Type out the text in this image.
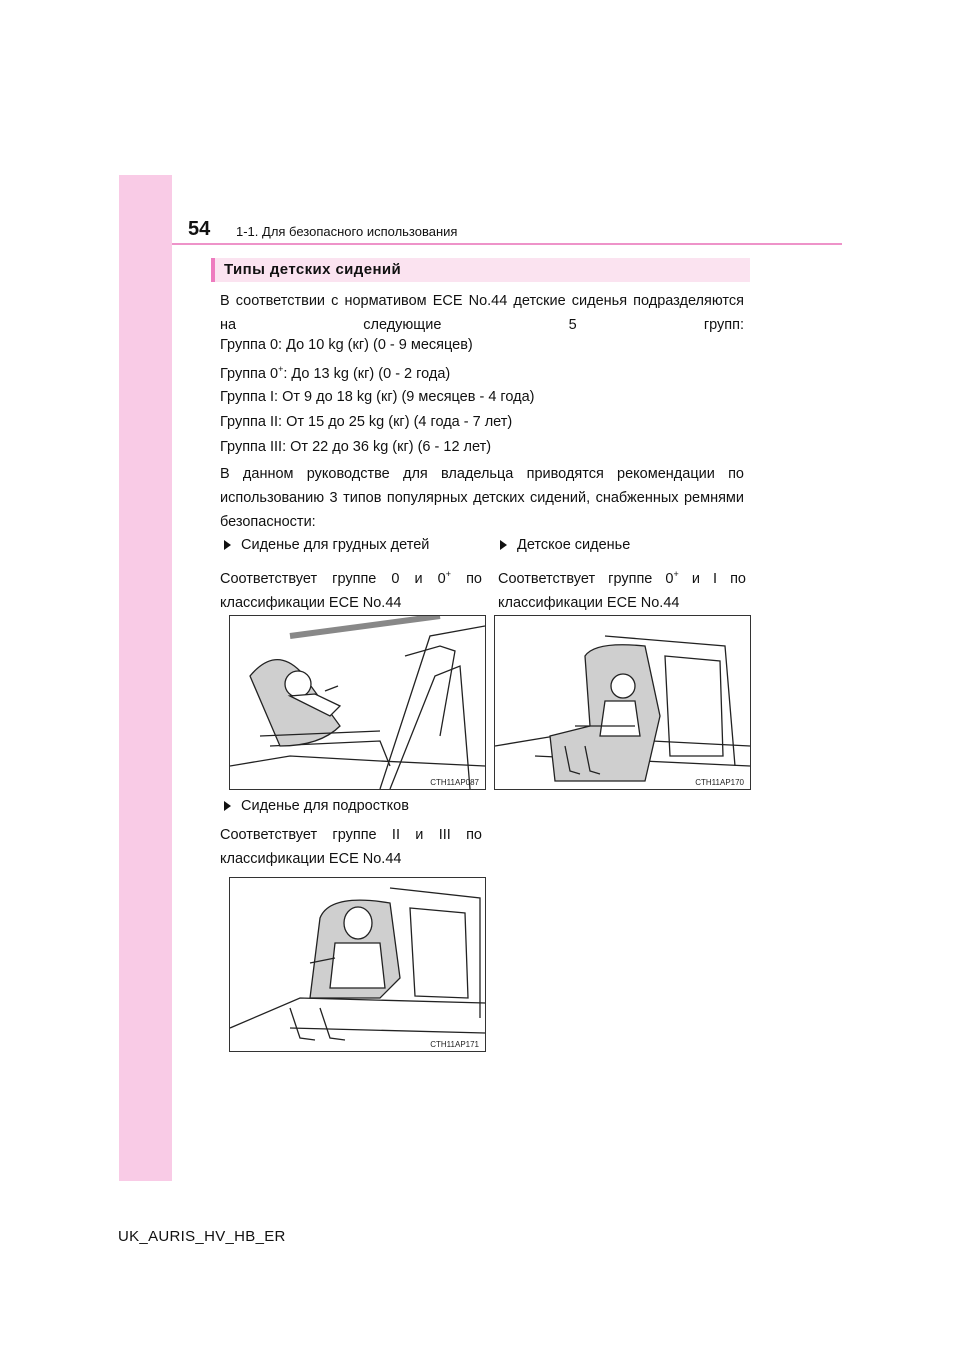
54 1-1. Для безопасного использования
Типы детских сидений
В соответствии с нормативом ECE No.44 детские сиденья подразделяются на следующие 5 групп:
Группа 0: До 10 kg (кг) (0 - 9 месяцев)
Группа 0+: До 13 kg (кг) (0 - 2 года)
Группа I: От 9 до 18 kg (кг) (9 месяцев - 4 года)
Группа II: От 15 до 25 kg (кг) (4 года - 7 лет)
Группа III: От 22 до 36 kg (кг) (6 - 12 лет)
В данном руководстве для владельца приводятся рекомендации по использованию 3 типов популярных детских сидений, снабженных ремнями безопасности:
Сиденье для грудных детей
Соответствует группе 0 и 0+ по
классификации ECE No.44
Детское сиденье
Соответствует группе 0+ и I по
классификации ECE No.44
CTH11AP087	CTH11AP170
Сиденье для подростков
Соответствует группе II и III по
классификации ECE No.44
CTH11AP171
UK_AURIS_HV_HB_ER
